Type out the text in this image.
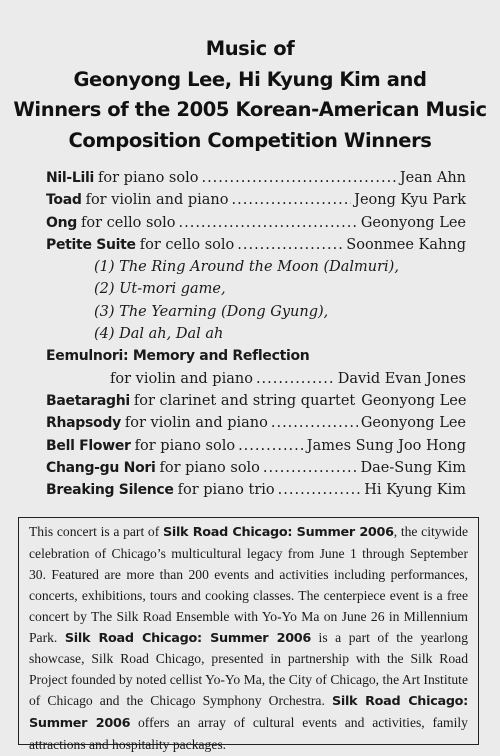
Music of
Geonyong Lee, Hi Kyung Kim and
Winners of the 2005 Korean-American Music
Composition Competition Winners
Nil-Lili for piano solo .....	Jean Ahn
Toad for violin and piano .....	Jeong Kyu Park
Ong for cello solo .....	Geonyong Lee
Petite Suite for cello solo .....	Soonmee Kahng
(1) The Ring Around the Moon (Dalmuri),
(2) Ut-mori game,
(3) The Yearning (Dong Gyung),
(4) Dal ah, Dal ah
Eemulnori: Memory and Reflection
for violin and piano .....	David Evan Jones
Baetaraghi for clarinet and string quartet Geonyong Lee
Rhapsody for violin and piano .....	Geonyong Lee
Bell Flower for piano solo .....	James Sung Joo Hong
Chang-gu Nori for piano solo .....	Dae-Sung Kim
Breaking Silence for piano trio .....	Hi Kyung Kim

This concert is a part of Silk Road Chicago: Summer 2006, the citywide celebration of Chicago’s multicultural legacy from June 1 through September 30. Featured are more than 200 events and activities including performances, concerts, exhibitions, tours and cooking classes. The centerpiece event is a free concert by The Silk Road Ensemble with Yo-Yo Ma on June 26 in Millennium Park. Silk Road Chicago: Summer 2006 is a part of the yearlong showcase, Silk Road Chicago, presented in partnership with the Silk Road Project founded by noted cellist Yo-Yo Ma, the City of Chicago, the Art Institute of Chicago and the Chicago Symphony Orchestra. Silk Road Chicago: Summer 2006 offers an array of cultural events and activities, family attractions and hospitality packages.
